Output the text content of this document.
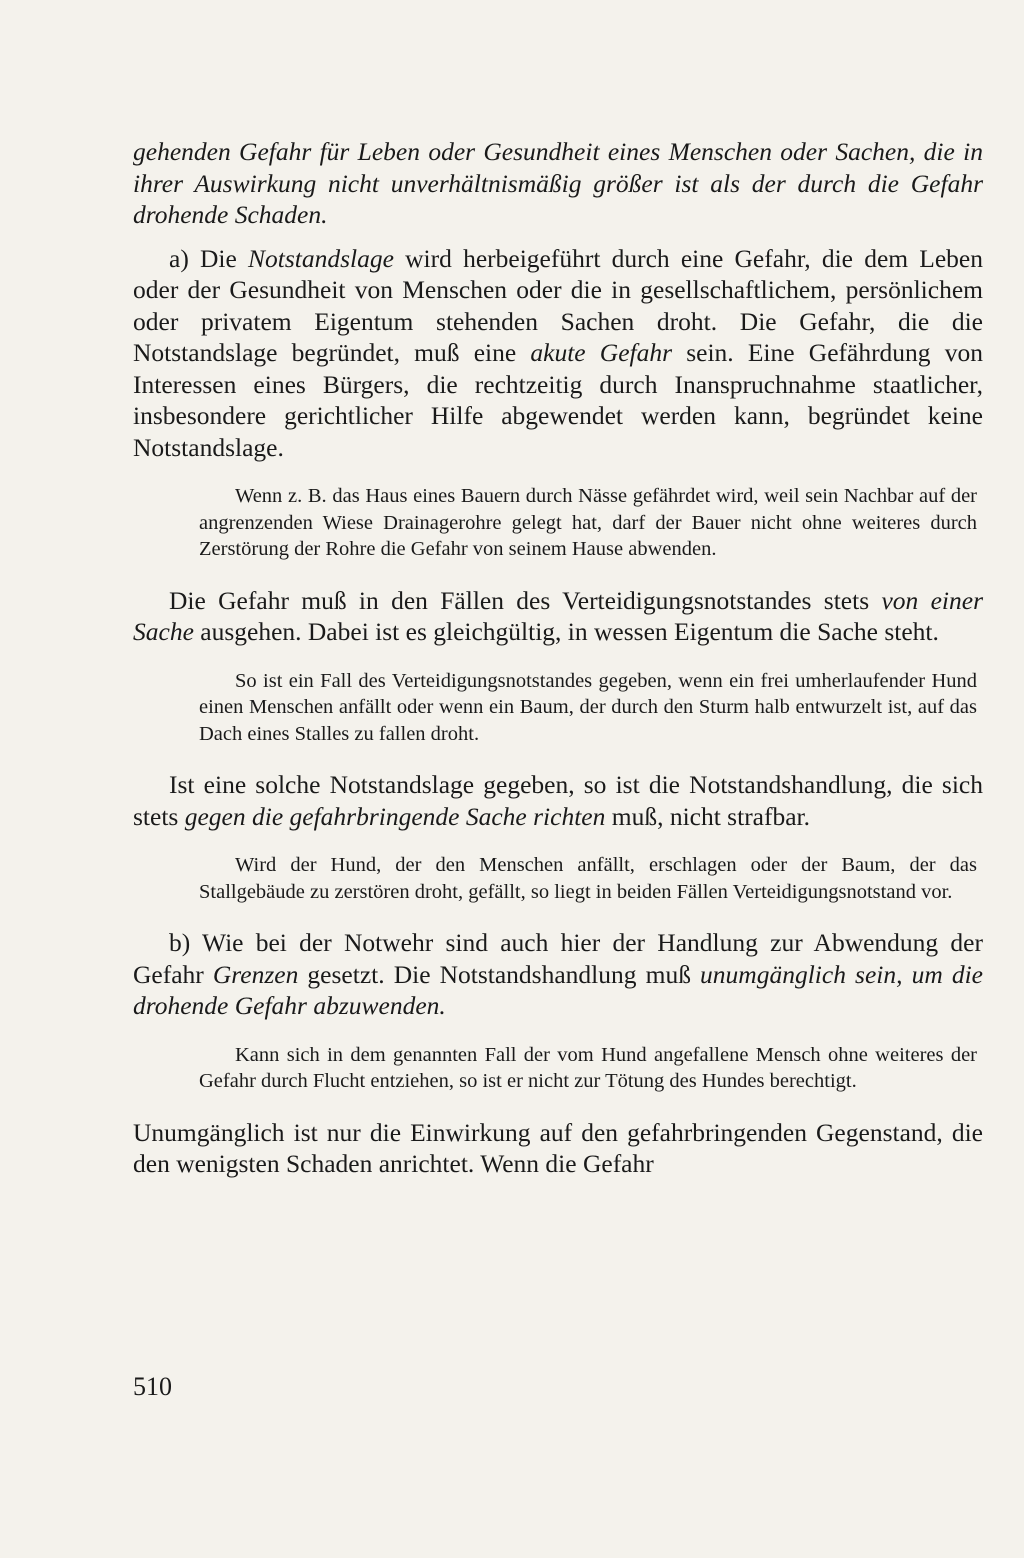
gehenden Gefahr für Leben oder Gesundheit eines Menschen oder Sachen, die in ihrer Auswirkung nicht unverhältnismäßig größer ist als der durch die Gefahr drohende Schaden.

a) Die Notstandslage wird herbeigeführt durch eine Gefahr, die dem Leben oder der Gesundheit von Menschen oder die in gesellschaftlichem, persönlichem oder privatem Eigentum stehenden Sachen droht. Die Gefahr, die die Notstandslage begründet, muß eine akute Gefahr sein. Eine Gefährdung von Interessen eines Bürgers, die rechtzeitig durch Inanspruchnahme staatlicher, insbesondere gerichtlicher Hilfe abgewendet werden kann, begründet keine Notstandslage.

Wenn z. B. das Haus eines Bauern durch Nässe gefährdet wird, weil sein Nachbar auf der angrenzenden Wiese Drainagerohre gelegt hat, darf der Bauer nicht ohne weiteres durch Zerstörung der Rohre die Gefahr von seinem Hause abwenden.

Die Gefahr muß in den Fällen des Verteidigungsnotstandes stets von einer Sache ausgehen. Dabei ist es gleichgültig, in wessen Eigentum die Sache steht.

So ist ein Fall des Verteidigungsnotstandes gegeben, wenn ein frei umherlaufender Hund einen Menschen anfällt oder wenn ein Baum, der durch den Sturm halb entwurzelt ist, auf das Dach eines Stalles zu fallen droht.

Ist eine solche Notstandslage gegeben, so ist die Notstandshandlung, die sich stets gegen die gefahrbringende Sache richten muß, nicht strafbar.

Wird der Hund, der den Menschen anfällt, erschlagen oder der Baum, der das Stallgebäude zu zerstören droht, gefällt, so liegt in beiden Fällen Verteidigungsnotstand vor.

b) Wie bei der Notwehr sind auch hier der Handlung zur Abwendung der Gefahr Grenzen gesetzt. Die Notstandshandlung muß unumgänglich sein, um die drohende Gefahr abzuwenden.

Kann sich in dem genannten Fall der vom Hund angefallene Mensch ohne weiteres der Gefahr durch Flucht entziehen, so ist er nicht zur Tötung des Hundes berechtigt.

Unumgänglich ist nur die Einwirkung auf den gefahrbringenden Gegenstand, die den wenigsten Schaden anrichtet. Wenn die Gefahr

510
